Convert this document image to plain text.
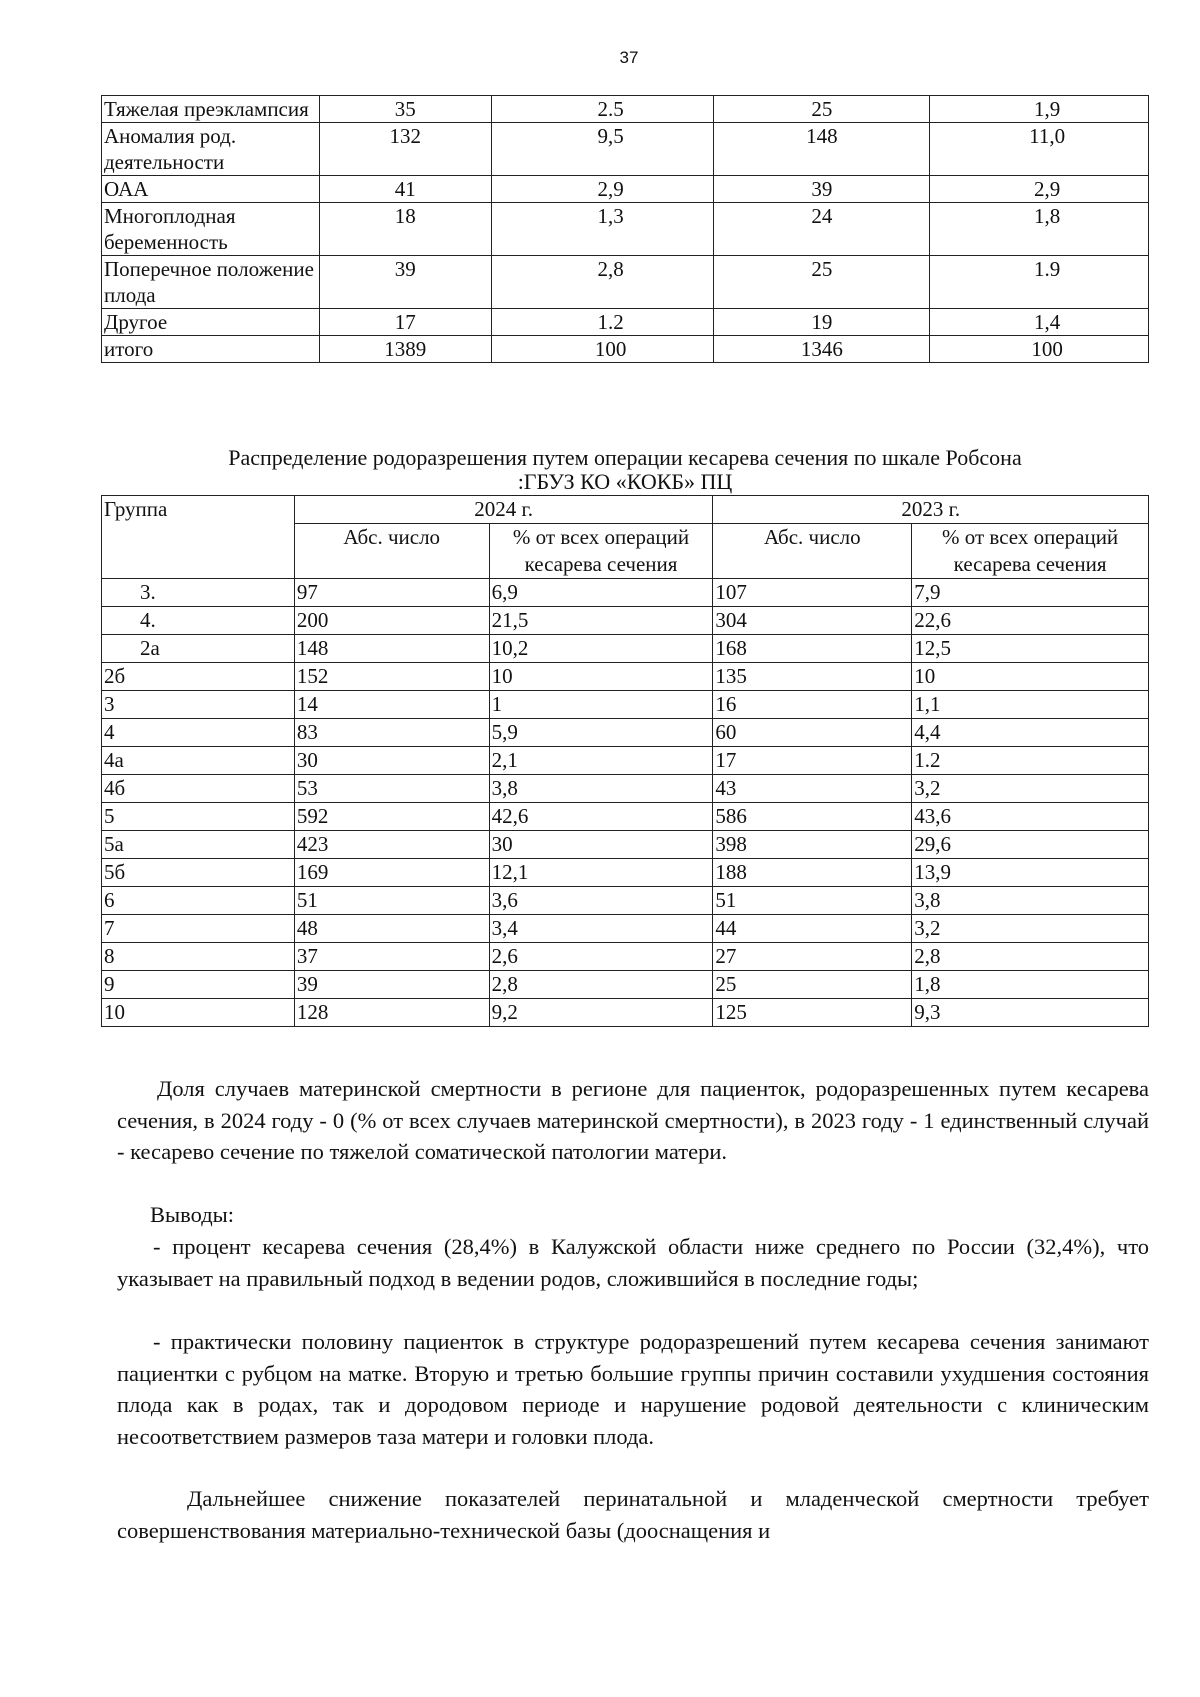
37
Тяжелая преэклампсия	35	2.5	25	1,9
Аномалия род. деятельности	132	9,5	148	11,0
ОАА	41	2,9	39	2,9
Многоплодная беременность	18	1,3	24	1,8
Поперечное положение плода	39	2,8	25	1.9
Другое	17	1.2	19	1,4
итого	1389	100	1346	100
Распределение родоразрешения путем операции кесарева сечения по шкале Робсона
:ГБУЗ КО «КОКБ» ПЦ
Группа	2024 г.		2023 г.	
	Абс. число	% от всех операций кесарева сечения	Абс. число	% от всех операций кесарева сечения
3.	97	6,9	107	7,9
4.	200	21,5	304	22,6
2а	148	10,2	168	12,5
2б	152	10	135	10
3	14	1	16	1,1
4	83	5,9	60	4,4
4а	30	2,1	17	1.2
4б	53	3,8	43	3,2
5	592	42,6	586	43,6
5а	423	30	398	29,6
5б	169	12,1	188	13,9
6	51	3,6	51	3,8
7	48	3,4	44	3,2
8	37	2,6	27	2,8
9	39	2,8	25	1,8
10	128	9,2	125	9,3
Доля случаев материнской смертности в регионе для пациенток, родоразрешенных путем кесарева сечения, в 2024 году - 0 (% от всех случаев материнской смертности), в 2023 году - 1 единственный случай - кесарево сечение по тяжелой соматической патологии матери.
Выводы:
- процент кесарева сечения (28,4%) в Калужской области ниже среднего по России (32,4%), что указывает на правильный подход в ведении родов, сложившийся в последние годы;
- практически половину пациенток в структуре родоразрешений путем кесарева сечения занимают пациентки с рубцом на матке. Вторую и третью большие группы причин составили ухудшения состояния плода как в родах, так и дородовом периоде и нарушение родовой деятельности с клиническим несоответствием размеров таза матери и головки плода.
Дальнейшее снижение показателей перинатальной и младенческой смертности требует совершенствования материально-технической базы (дооснащения и
